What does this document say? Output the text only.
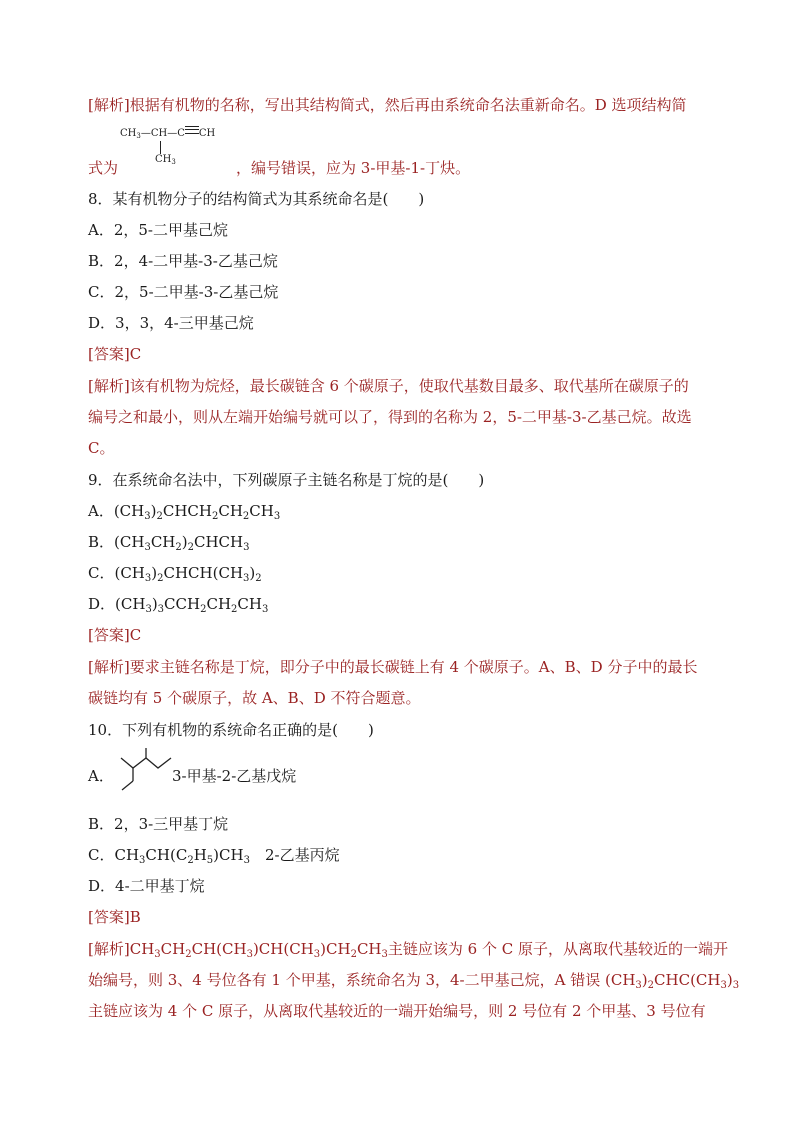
[解析]根据有机物的名称，写出其结构简式，然后再由系统命名法重新命名。D 选项结构简
$CH_3—CH—C$ CH
$CH_3$
式为	，编号错误，应为 3-甲基-1-丁炔。
8．某有机物分子的结构简式为其系统命名是(　　)
A．2，5-二甲基己烷
B．2，4-二甲基-3-乙基己烷
C．2，5-二甲基-3-乙基己烷
D．3，3，4-三甲基己烷
[答案]C
[解析]该有机物为烷烃，最长碳链含 6 个碳原子，使取代基数目最多、取代基所在碳原子的
编号之和最小，则从左端开始编号就可以了，得到的名称为 2，5-二甲基-3-乙基己烷。故选
C。
9．在系统命名法中，下列碳原子主链名称是丁烷的是(　　)
A．$(CH_3)_2CHCH_2CH_2CH_3$
B．$(CH_3CH_2)_2CHCH_3$
C．$(CH_3)_2CHCH(CH_3)_2$
D．$(CH_3)_3CCH_2CH_2CH_3$
[答案]C
[解析]要求主链名称是丁烷，即分子中的最长碳链上有 4 个碳原子。A、B、D 分子中的最长
碳链均有 5 个碳原子，故 A、B、D 不符合题意。
10．下列有机物的系统命名正确的是(　　)
A．	3-甲基-2-乙基戊烷
B．2，3-三甲基丁烷
C．$CH_3CH(C_2H_5)CH_3$　 2-乙基丙烷
D．4-二甲基丁烷
[答案]B
[解析]$CH_3CH_2CH(CH_3)CH(CH_3)CH_2CH_3$主链应该为 6 个 C 原子，从离取代基较近的一端开
始编号，则 3、4 号位各有 1 个甲基，系统命名为 3，4-二甲基己烷，A 错误 $(CH_3)_2CHC(CH_3)_3$
主链应该为 4 个 C 原子，从离取代基较近的一端开始编号，则 2 号位有 2 个甲基、3 号位有
